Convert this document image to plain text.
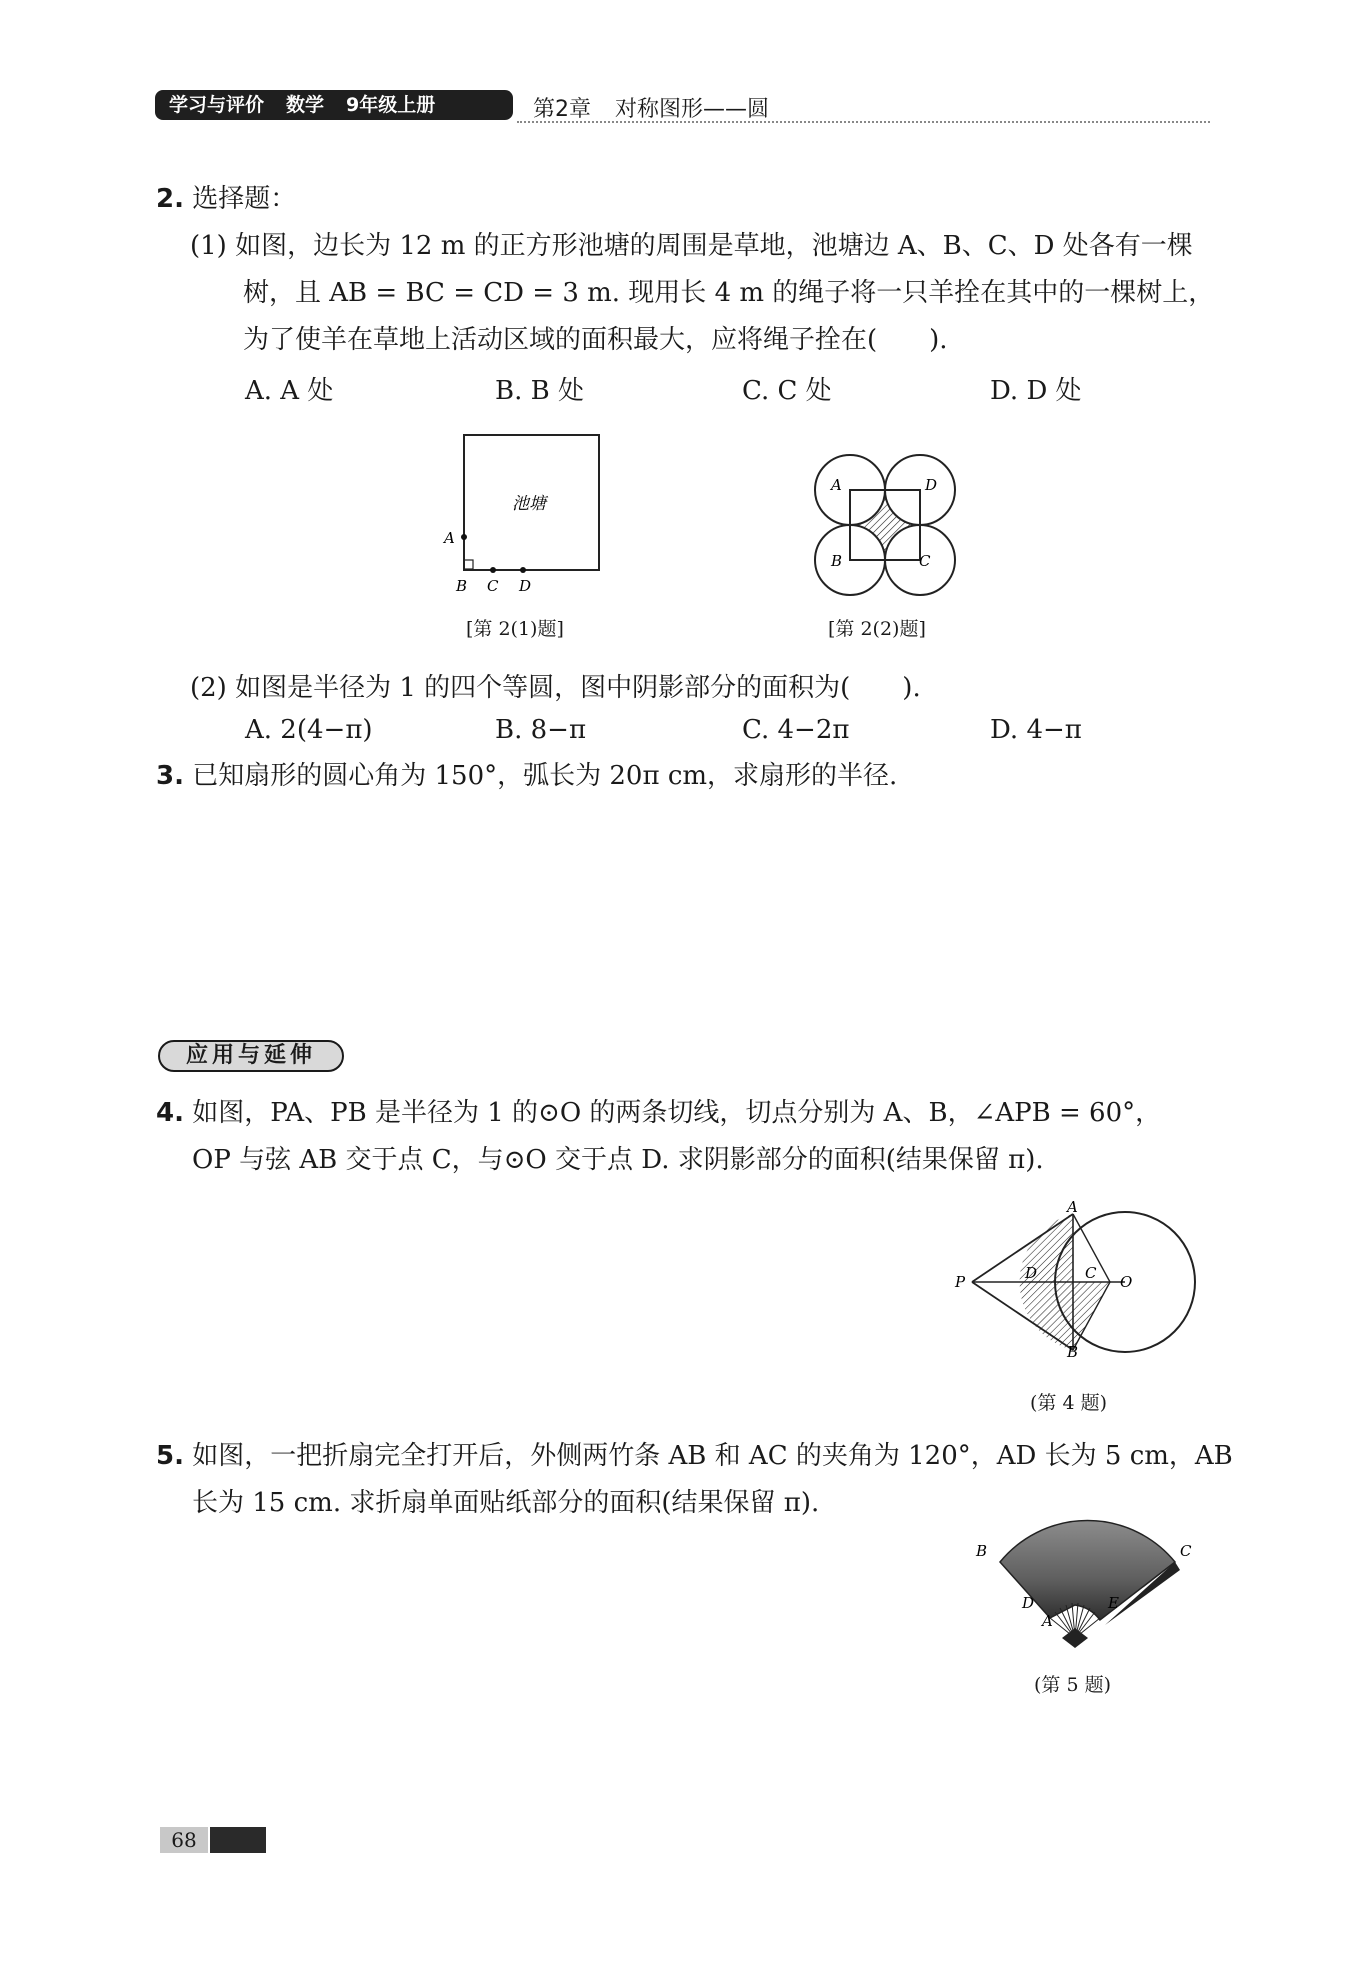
学习与评价 数学 9年级上册	第2章 对称图形——圆
2. 选择题：
(1) 如图，边长为 12 m 的正方形池塘的周围是草地，池塘边 A、B、C、D 处各有一棵
树，且 AB = BC = CD = 3 m. 现用长 4 m 的绳子将一只羊拴在其中的一棵树上，
为了使羊在草地上活动区域的面积最大，应将绳子拴在(　　).
A. A 处	B. B 处	C. C 处	D. D 处
池塘
A
B C D
[第 2(1)题]
A	D
B	C
[第 2(2)题]
(2) 如图是半径为 1 的四个等圆，图中阴影部分的面积为(　　).
A. 2(4−π)	B. 8−π	C. 4−2π	D. 4−π
3. 已知扇形的圆心角为 150°，弧长为 20π cm，求扇形的半径.
应用与延伸
4. 如图，PA、PB 是半径为 1 的⊙O 的两条切线，切点分别为 A、B，∠APB = 60°，
OP 与弦 AB 交于点 C，与⊙O 交于点 D. 求阴影部分的面积(结果保留 π).
A
B
P	D	C O
(第 4 题)
5. 如图，一把折扇完全打开后，外侧两竹条 AB 和 AC 的夹角为 120°，AD 长为 5 cm，AB
长为 15 cm. 求折扇单面贴纸部分的面积(结果保留 π).
B	C
D	E
A
(第 5 题)
68
